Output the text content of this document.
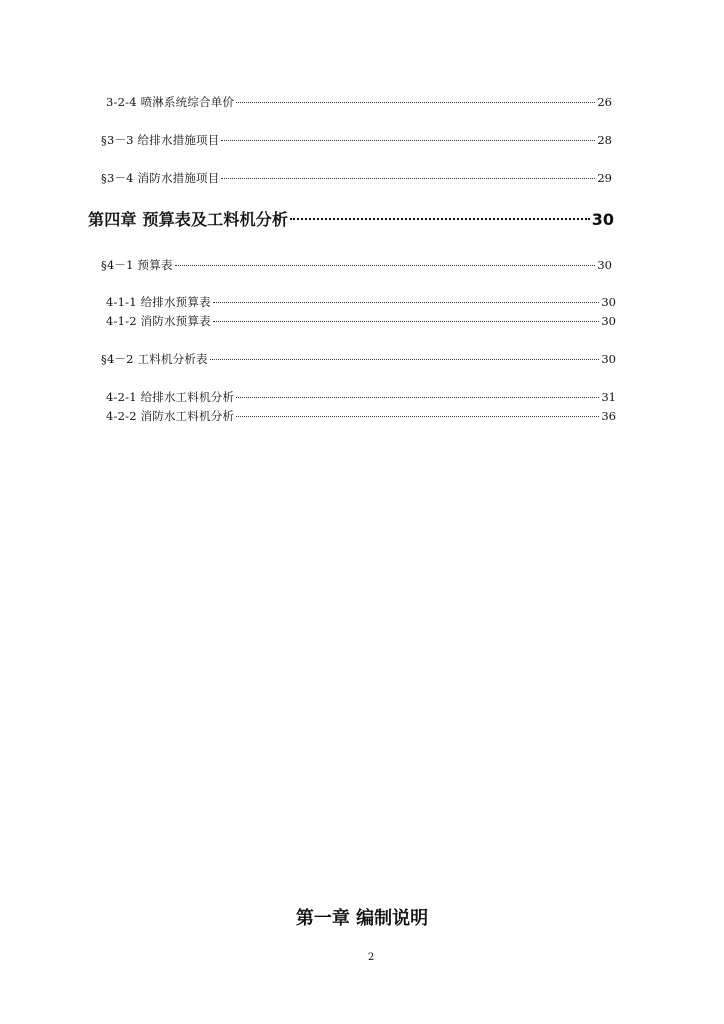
3-2-4 喷淋系统综合单价	26
§3－3 给排水措施项目	28
§3－4 消防水措施项目	29
第四章 预算表及工料机分析	30
§4－1 预算表	30
4-1-1 给排水预算表	30
4-1-2 消防水预算表	30
§4－2 工料机分析表	30
4-2-1 给排水工料机分析	31
4-2-2 消防水工料机分析	36
第一章 编制说明
2
